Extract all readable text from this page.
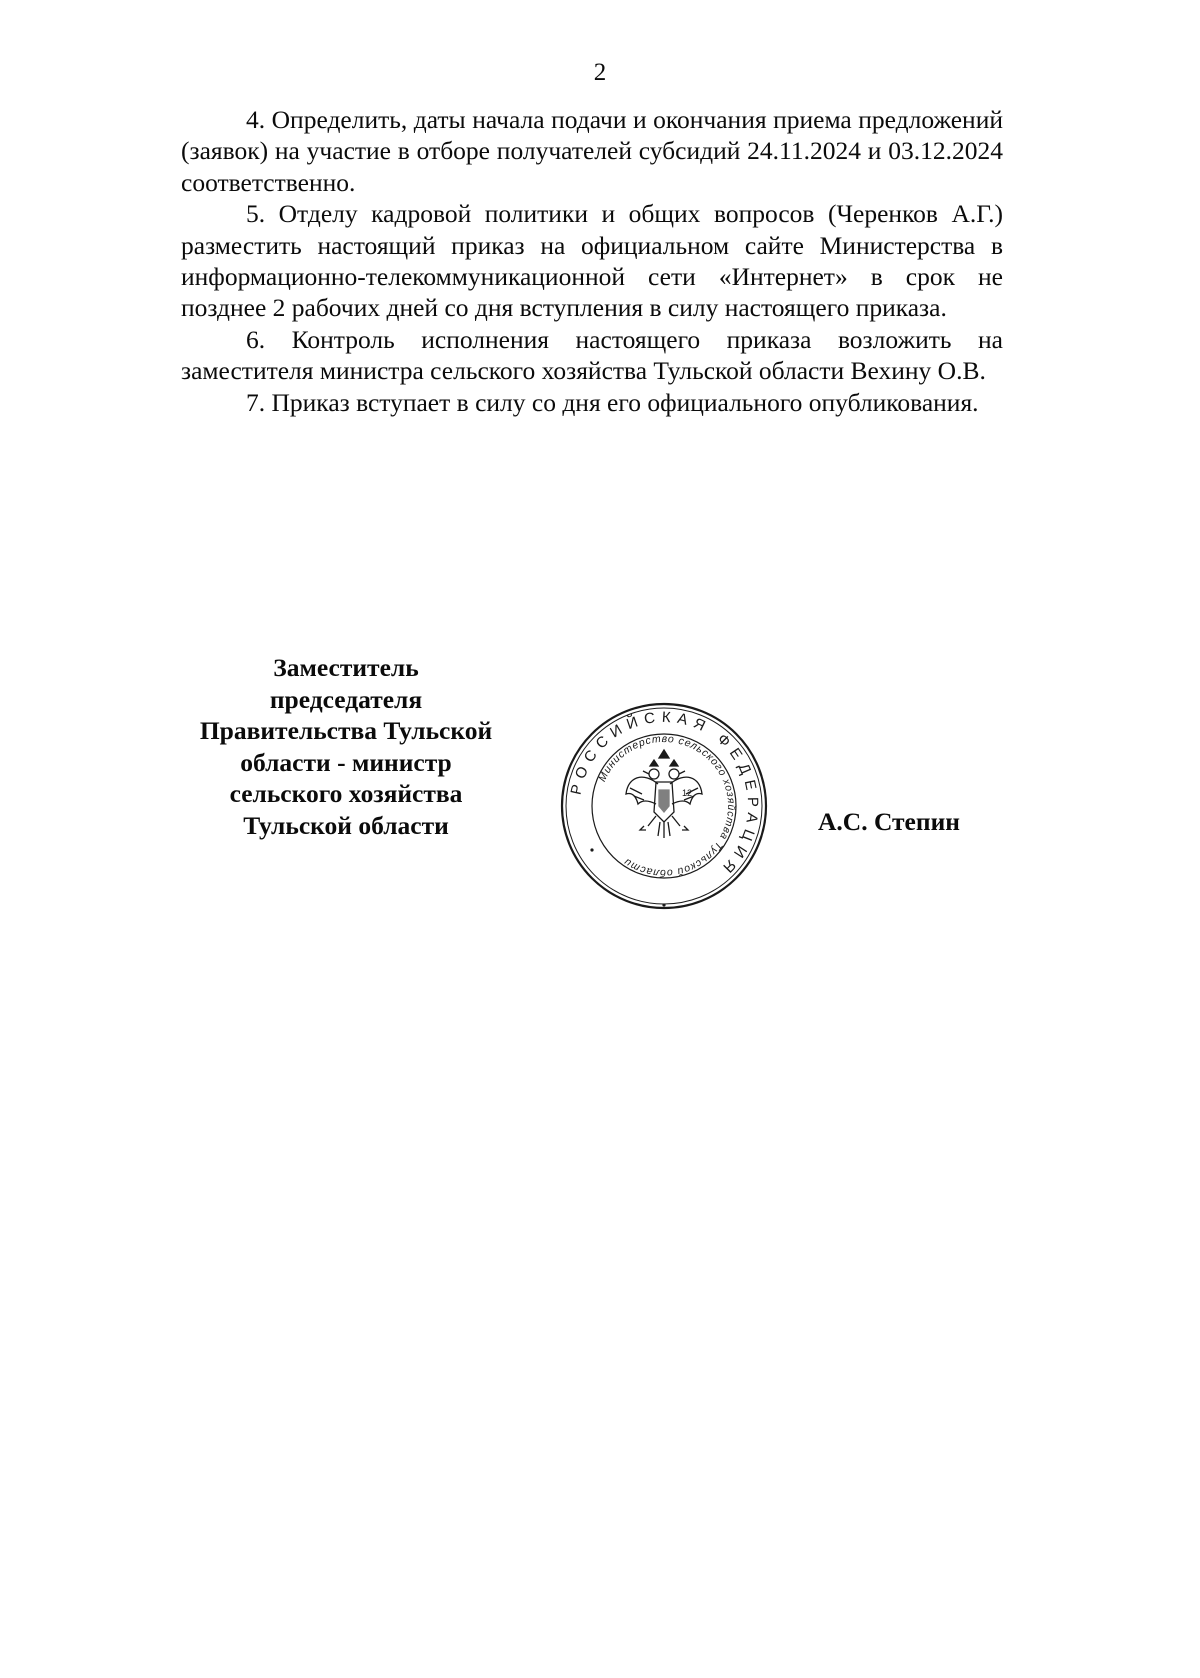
2

4. Определить, даты начала подачи и окончания приема предложений (заявок) на участие в отборе получателей субсидий 24.11.2024 и 03.12.2024 соответственно.

5. Отделу кадровой политики и общих вопросов (Черенков А.Г.) разместить настоящий приказ на официальном сайте Министерства в информационно-телекоммуникационной сети «Интернет» в срок не позднее 2 рабочих дней со дня вступления в силу настоящего приказа.

6. Контроль исполнения настоящего приказа возложить на заместителя министра сельского хозяйства Тульской области Вехину О.В.

7. Приказ вступает в силу со дня его официального опубликования.

Заместитель
председателя
Правительства Тульской
области - министр
сельского хозяйства
Тульской области
РОССИЙСКАЯ ФЕДЕРАЦИЯ
Министерство сельского хозяйства Тульской области
12
А.С. Степин
